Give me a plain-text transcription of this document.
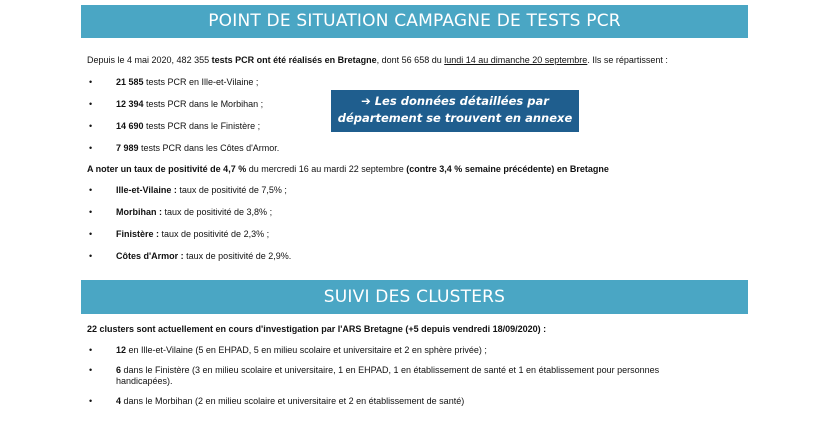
POINT DE SITUATION CAMPAGNE DE TESTS PCR
Depuis le 4 mai 2020, 482 355 tests PCR ont été réalisés en Bretagne, dont 56 658 du lundi 14 au dimanche 20 septembre. Ils se répartissent :
•	21 585 tests PCR en Ille-et-Vilaine ;
•	12 394 tests PCR dans le Morbihan ;
•	14 690 tests PCR dans le Finistère ;
•	7 989 tests PCR dans les Côtes d'Armor.
➔ Les données détaillées par
département se trouvent en annexe
A noter un taux de positivité de 4,7 % du mercredi 16 au mardi 22 septembre (contre 3,4 % semaine précédente) en Bretagne
•	Ille-et-Vilaine : taux de positivité de 7,5% ;
•	Morbihan : taux de positivité de 3,8% ;
•	Finistère : taux de positivité de 2,3% ;
•	Côtes d'Armor : taux de positivité de 2,9%.
SUIVI DES CLUSTERS
22 clusters sont actuellement en cours d'investigation par l'ARS Bretagne (+5 depuis vendredi 18/09/2020) :
•	12 en Ille-et-Vilaine (5 en EHPAD, 5 en milieu scolaire et universitaire et 2 en sphère privée) ;
•	6 dans le Finistère (3 en milieu scolaire et universitaire, 1 en EHPAD, 1 en établissement de santé et 1 en établissement pour personnes
handicapées).
•	4 dans le Morbihan (2 en milieu scolaire et universitaire et 2 en établissement de santé)
